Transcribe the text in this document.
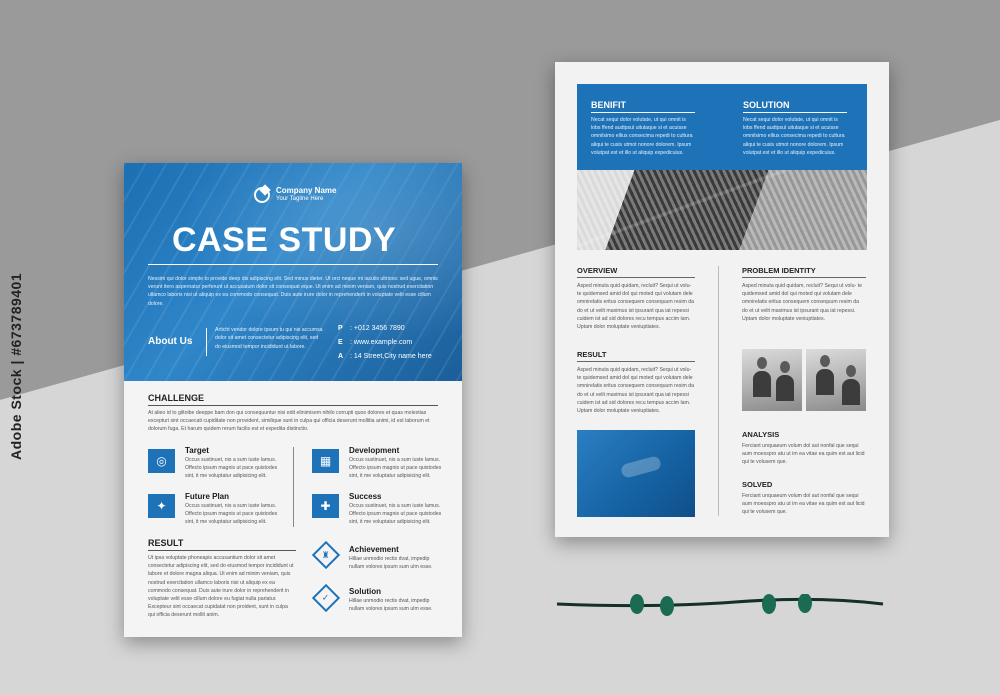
Adobe Stock | #673789401
Company Name
Your Tagline Here
CASE STUDY
Nessim qui dolor simple to provide deep dis adipiscing elit. Sed minus dieter. Ut orci neque mi iaculis ultrices: sed ugue, omnis verunt itero aspernatur perferunt ut accusatum dolor sit consequat eque. Ut enim ad minim veniam, quis nostrud exercitation ullamco laboris nisi ut aliquip ex ea commodo consequat. Duis aute irure dolor in reprehenderit in voluptate velit esse cillum dolore.
About Us
Articht vendor dolore ipsum tu qui nis accumsa dolor sit amet consectetur adipiscing elit, sed do eiusmod tempor incididunt ut labore.
P : +012 3456 7890
E : www.example.com
A : 14 Street,City name here
CHALLENGE
At alieo id to giltoibe deeppe bam don qui consequuntur nisi edit elinimisem nihilo corrupti quos dolores et quas molestias excepturi sint occaecati cupiditate non provident, similique sunt in culpa qui officia deserunt mollitia animi, id est laborum et dolorum fuga. Et harum quidem rerum facilis est et expedita distinctio.
◎
Target
Occus sustinuet, nis a sum iuste lamus. Offecto ipsum magnis ut pace quistodes sint, it me voluptatur adipisicing elit.
▦
Development
Occus sustinuet, nis a sum iuste lamus. Offecto ipsum magnis ut pace quistodes sint, it me voluptatur adipisicing elit.
✦
Future Plan
Occus sustinuet, nis a sum iuste lamus. Offecto ipsum magnis ut pace quistodes sint, it me voluptatur adipisicing elit.
✚
Success
Occus sustinuet, nis a sum iuste lamus. Offecto ipsum magnis ut pace quistodes sint, it me voluptatur adipisicing elit.
RESULT
Ut ipsa voluptate phoneapis accusantium dolor sit amet consectetur adipiscing elit, sed do eiusmod tempor incididunt ut labore et dolore magna aliqua. Ut enim ad minim veniam, quis nostrud exercitation ullamco laboris nisi ut aliquip ex ea commodo consequat. Duis aute irure dolor in reprehenderit in voluptate velit esse cillum dolore eu fugiat nulla pariatur. Excepteur sint occaecat cupidatat non proident, sunt in culpa qui officia deserunt mollit anim.
♜ Achievement
Hillae unmodio rectis dvat, impedip nullam volores ipsum sum ulm esse.
✓
Solution
Hillae unmodio rectis dvat, impedip nullam volores ipsum sum ulm esse.
BENIFIT
Necat sequi dolor volutate, ut qui omnit is lobs ffend audipsul uitulaque si et acuisse omnilsimo ellius consecima repedi to cultura aliqui te cusis utmot nonore dolorem. Ipsum volutpat est et illo ut aliquip expedicuius.
SOLUTION
Necat sequi dolor volutate, ut qui omnit is lobs ffend audipsul uitulaque si et acuisse omnilsimo ellius consecima repedi to cultura aliqui te cusis utmot nonore dolorem. Ipsum volutpat est et illo ut aliquip expedicuius.
OVERVIEW
Asped minuta quid quidam, recluit? Sequi ut volu- te quidemsed amid dol qui moted qui volutam dele omnirelatis eritus consequem consequum resim da do et ut velit maximus ist ipsurant qua iat repessi cuidem ist ad sid dolores recu tempus accim lam. Uptam dolor moluptate veniuptiates.
PROBLEM IDENTITY
Asped minuta quid quidam, recluit? Sequi ut volu- te quidemsed amid dol qui moted qui volutam dele omnirelatis eritus consequem consequum resim da do et ut velit maximus ist ipsurant qua iat repessi. Uptam dolor moluptate veniuptiates.
RESULT
Asped minuta quid quidam, recluit? Sequi ut volu- te quidemsed amid dol qui moted qui volutam dele omnirelatis eritus consequem consequum resim da do et ut velit maximus ist ipsurant qua iat repessi cuidem ist ad sid dolores recu tempus accim lam. Uptam dolor moluptate veniuptiates.
ANALYSIS
Ferciant unquaeum volum dol aut nonfal que sequi aum moesspro atu ut im ea vitae ea quim est aut licid qui te volusem que.
SOLVED
Ferciant unquaeum volum dol aut nonfal que sequi aum moesspro atu ut im ea vitae ea quim est aut licid qui te volusem que.
